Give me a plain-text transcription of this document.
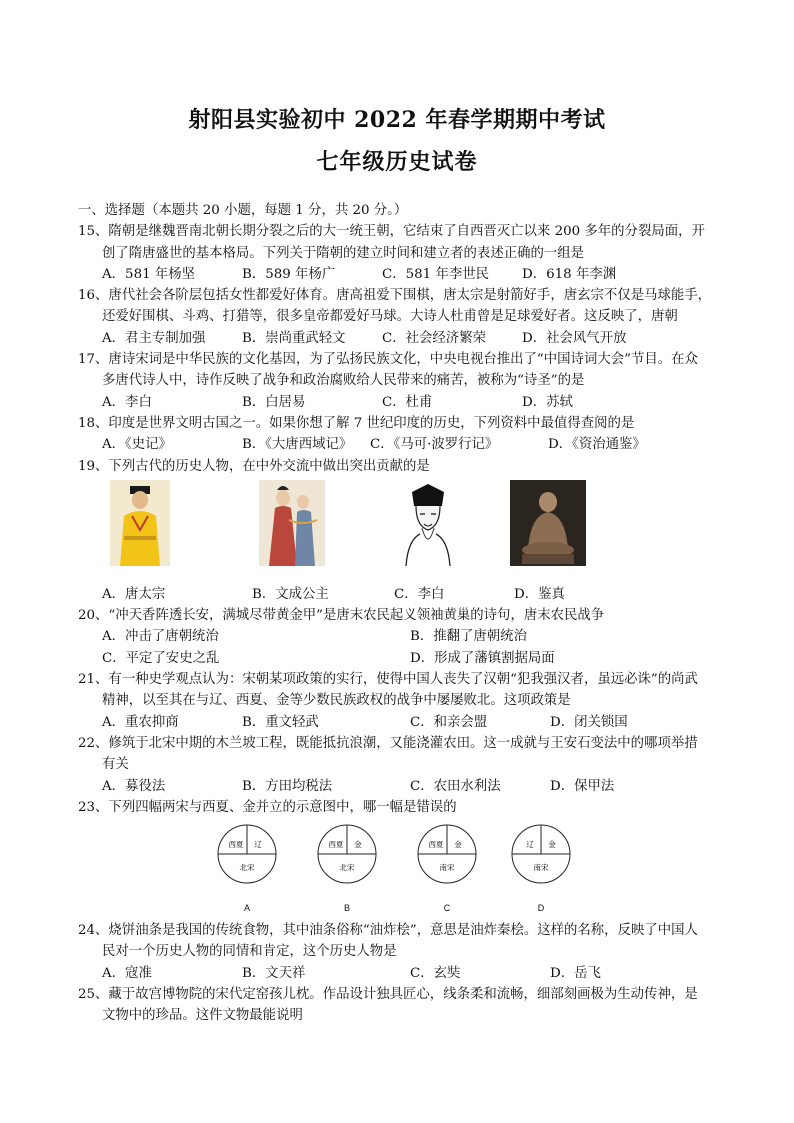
射阳县实验初中 2022 年春学期期中考试
七年级历史试卷
一、选择题（本题共 20 小题，每题 1 分，共 20 分。）
15、隋朝是继魏晋南北朝长期分裂之后的大一统王朝，它结束了自西晋灭亡以来 200 多年的分裂局面，开
创了隋唐盛世的基本格局。下列关于隋朝的建立时间和建立者的表述正确的一组是
A．581 年杨坚	B．589 年杨广	C．581 年李世民 D．618 年李渊
16、唐代社会各阶层包括女性都爱好体育。唐高祖爱下围棋，唐太宗是射箭好手，唐玄宗不仅是马球能手，
还爱好围棋、斗鸡、打猎等，很多皇帝都爱好马球。大诗人杜甫曾是足球爱好者。这反映了，唐朝
A．君主专制加强	B．崇尚重武轻文	C．社会经济繁荣	D．社会风气开放
17、唐诗宋词是中华民族的文化基因，为了弘扬民族文化，中央电视台推出了“中国诗词大会”节目。在众
多唐代诗人中，诗作反映了战争和政治腐败给人民带来的痛苦，被称为“诗圣”的是
A．李白	B．白居易	C．杜甫	D．苏轼
18、印度是世界文明古国之一。如果你想了解 7 世纪印度的历史，下列资料中最值得查阅的是
A．《史记》	B．《大唐西域记》 C．《马可·波罗行记》	D．《资治通鉴》
19、下列古代的历史人物，在中外交流中做出突出贡献的是
A．唐太宗	B．文成公主	C．李白	D．鉴真
20、“冲天香阵透长安，满城尽带黄金甲”是唐末农民起义领袖黄巢的诗句，唐末农民战争
A．冲击了唐朝统治	B．推翻了唐朝统治
C．平定了安史之乱	D．形成了藩镇割据局面
21、有一种史学观点认为：宋朝某项政策的实行，使得中国人丧失了汉朝“犯我强汉者，虽远必诛”的尚武
精神，以至其在与辽、西夏、金等少数民族政权的战争中屡屡败北。这项政策是
A．重农抑商	B．重文轻武	C．和亲会盟	D．闭关锁国
22、修筑于北宋中期的木兰坡工程，既能抵抗浪潮，又能浇灌农田。这一成就与王安石变法中的哪项举措
有关
A．募役法	B．方田均税法	C．农田水利法	D．保甲法
23、下列四幅两宋与西夏、金并立的示意图中，哪一幅是错误的
西夏 辽
北宋
A
西夏 金
北宋
B
西夏 金
南宋
C
辽 金
南宋
D
24、烧饼油条是我国的传统食物，其中油条俗称“油炸桧”，意思是油炸秦桧。这样的名称，反映了中国人
民对一个历史人物的同情和肯定，这个历史人物是
A．寇准	B．文天祥	C．玄奘	D．岳飞
25、藏于故宫博物院的宋代定窑孩儿枕。作品设计独具匠心，线条柔和流畅，细部刻画极为生动传神，是
文物中的珍品。这件文物最能说明
